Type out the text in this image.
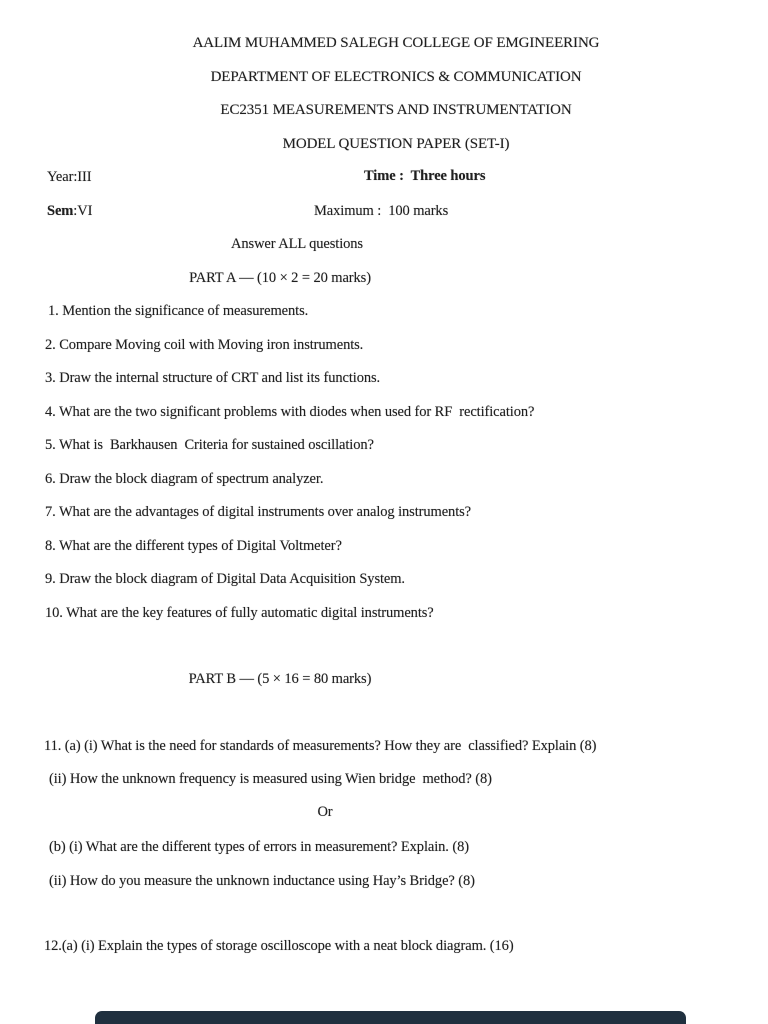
AALIM MUHAMMED SALEGH COLLEGE OF EMGINEERING
DEPARTMENT OF ELECTRONICS & COMMUNICATION
EC2351 MEASUREMENTS AND INSTRUMENTATION
MODEL QUESTION PAPER (SET-I)
Year:III	Time :  Three hours
Sem:VI	Maximum :  100 marks
Answer ALL questions
PART A — (10 × 2 = 20 marks)
1. Mention the significance of measurements.
2. Compare Moving coil with Moving iron instruments.
3. Draw the internal structure of CRT and list its functions.
4. What are the two significant problems with diodes when used for RF  rectification?
5. What is  Barkhausen  Criteria for sustained oscillation?
6. Draw the block diagram of spectrum analyzer.
7. What are the advantages of digital instruments over analog instruments?
8. What are the different types of Digital Voltmeter?
9. Draw the block diagram of Digital Data Acquisition System.
10. What are the key features of fully automatic digital instruments?
PART B — (5 × 16 = 80 marks)
11. (a) (i) What is the need for standards of measurements? How they are  classified? Explain (8)
(ii) How the unknown frequency is measured using Wien bridge  method? (8)
Or
(b) (i) What are the different types of errors in measurement? Explain. (8)
(ii) How do you measure the unknown inductance using Hay’s Bridge? (8)
12.(a) (i) Explain the types of storage oscilloscope with a neat block diagram. (16)
